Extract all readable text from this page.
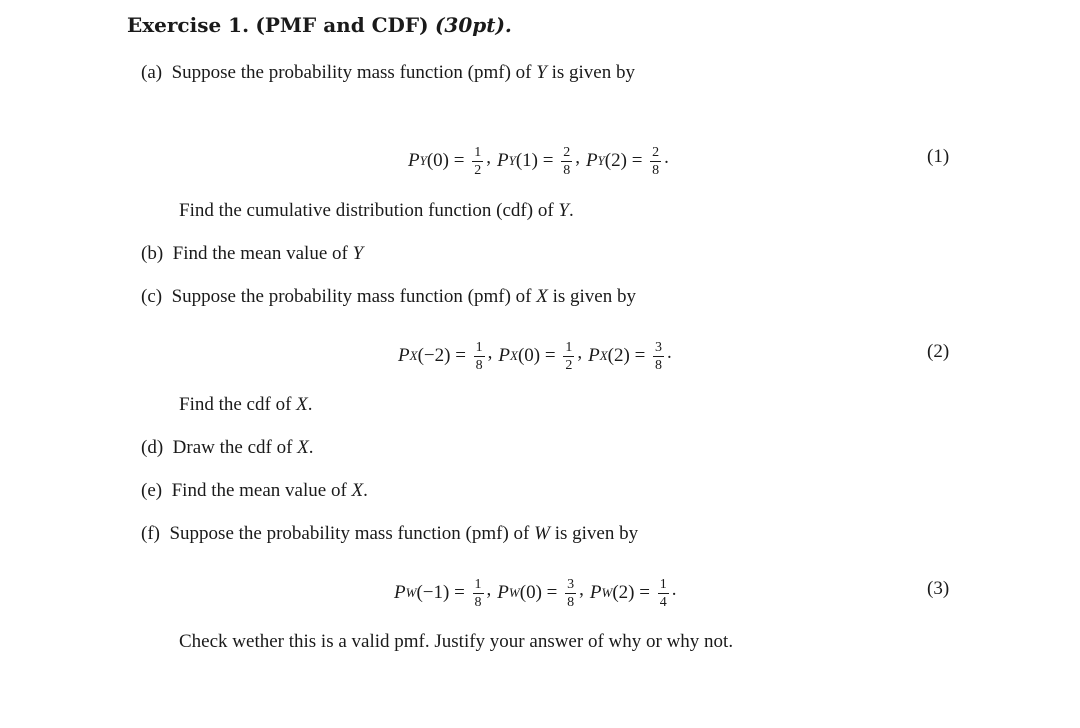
Exercise 1. (PMF and CDF) (30pt).
(a) Suppose the probability mass function (pmf) of Y is given by
P Y $(0) = \frac{1}{2}$ , P Y $(1) = \frac{2}{8}$ , P Y $(2) = \frac{2}{8}$ .	(1)
Find the cumulative distribution function (cdf) of Y.
(b) Find the mean value of Y
(c) Suppose the probability mass function (pmf) of X is given by
P X $(-2) = \frac{1}{8}$ , P X $(0) = \frac{1}{2}$ , P X $(2) = \frac{3}{8}$ .	(2)
Find the cdf of X.
(d) Draw the cdf of X.
(e) Find the mean value of X.
(f) Suppose the probability mass function (pmf) of W is given by
P W $(-1) = \frac{1}{8}$ , P W $(0) = \frac{3}{8}$ , P W $(2) = \frac{1}{4}$ .	(3)
Check wether this is a valid pmf. Justify your answer of why or why not.
